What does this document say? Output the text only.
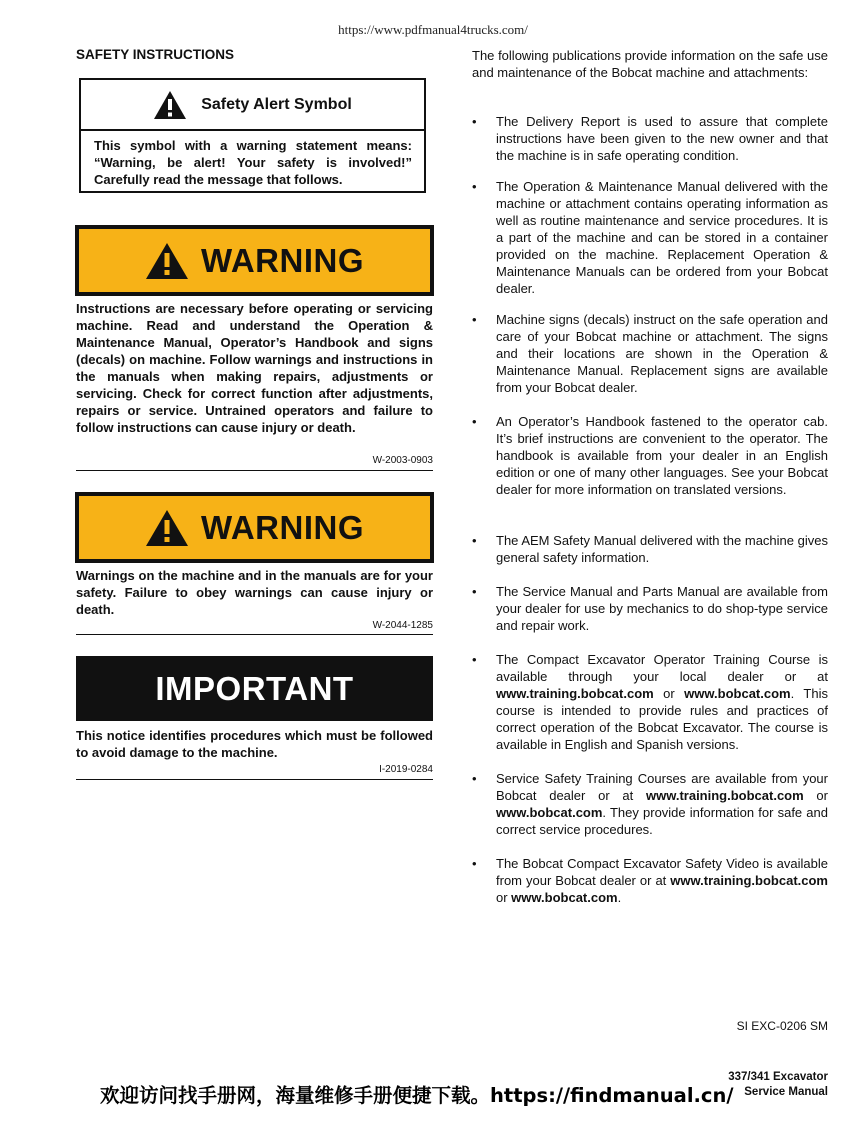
https://www.pdfmanual4trucks.com/
SAFETY INSTRUCTIONS
Safety Alert Symbol
This symbol with a warning statement means: “Warning, be alert! Your safety is involved!” Carefully read the message that follows.
WARNING
Instructions are necessary before operating or servicing machine. Read and understand the Operation & Maintenance Manual, Operator’s Handbook and signs (decals) on machine. Follow warnings and instructions in the manuals when making repairs, adjustments or servicing. Check for correct function after adjustments, repairs or service. Untrained operators and failure to follow instructions can cause injury or death.
W-2003-0903
WARNING
Warnings on the machine and in the manuals are for your safety. Failure to obey warnings can cause injury or death.
W-2044-1285
IMPORTANT
This notice identifies procedures which must be followed to avoid damage to the machine.
I-2019-0284
The following publications provide information on the safe use and maintenance of the Bobcat machine and attachments:
• The Delivery Report is used to assure that complete instructions have been given to the new owner and that the machine is in safe operating condition.
• The Operation & Maintenance Manual delivered with the machine or attachment contains operating information as well as routine maintenance and service procedures. It is a part of the machine and can be stored in a container provided on the machine. Replacement Operation & Maintenance Manuals can be ordered from your Bobcat dealer.
• Machine signs (decals) instruct on the safe operation and care of your Bobcat machine or attachment. The signs and their locations are shown in the Operation & Maintenance Manual. Replacement signs are available from your Bobcat dealer.
• An Operator’s Handbook fastened to the operator cab. It’s brief instructions are convenient to the operator. The handbook is available from your dealer in an English edition or one of many other languages. See your Bobcat dealer for more information on translated versions.
• The AEM Safety Manual delivered with the machine gives general safety information.
• The Service Manual and Parts Manual are available from your dealer for use by mechanics to do shop-type service and repair work.
• The Compact Excavator Operator Training Course is available through your local dealer or at www.training.bobcat.com or www.bobcat.com. This course is intended to provide rules and practices of correct operation of the Bobcat Excavator. The course is available in English and Spanish versions.
• Service Safety Training Courses are available from your Bobcat dealer or at www.training.bobcat.com or www.bobcat.com. They provide information for safe and correct service procedures.
• The Bobcat Compact Excavator Safety Video is available from your Bobcat dealer or at www.training.bobcat.com or www.bobcat.com.
SI EXC-0206 SM
337/341 Excavator
Service Manual
欢迎访问找手册网，海量维修手册便捷下载。https://findmanual.cn/
